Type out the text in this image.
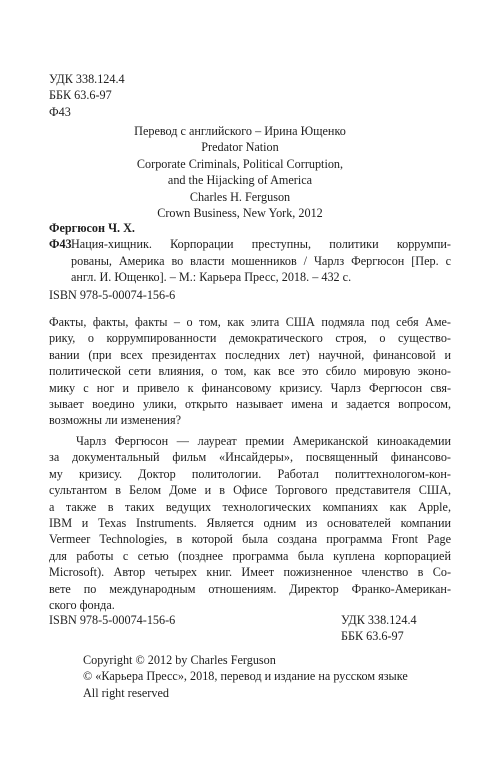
УДК 338.124.4
ББК 63.6-97
Ф43
Перевод с английского – Ирина Ющенко
Predator Nation
Corporate Criminals, Political Corruption,
and the Hijacking of America
Charles H. Ferguson
Crown Business, New York, 2012
Фергюсон Ч. Х.
Ф43 Нация-хищник. Корпорации преступны, политики коррумпи-
рованы, Америка во власти мошенников / Чарлз Фергюсон [Пер. с
англ. И. Ющенко]. – М.: Карьера Пресс, 2018. – 432 с.
ISBN 978-5-00074-156-6
Факты, факты, факты – о том, как элита США подмяла под себя Аме-
рику, о коррумпированности демократического строя, о существо-
вании (при всех президентах последних лет) научной, финансовой и
политической сети влияния, о том, как все это сбило мировую эконо-
мику с ног и привело к финансовому кризису. Чарлз Фергюсон свя-
зывает воедино улики, открыто называет имена и задается вопросом,
возможны ли изменения?
Чарлз Фергюсон — лауреат премии Американской киноакадемии
за документальный фильм «Инсайдеры», посвященный финансово-
му кризису. Доктор политологии. Работал политтехнологом-кон-
сультантом в Белом Доме и в Офисе Торгового представителя США,
а также в таких ведущих технологических компаниях как Apple,
IBM и Texas Instruments. Является одним из основателей компании
Vermeer Technologies, в которой была создана программа Front Page
для работы с сетью (позднее программа была куплена корпорацией
Microsoft). Автор четырех книг. Имеет пожизненное членство в Со-
вете по международным отношениям. Директор Франко-Американ-
ского фонда.
ISBN 978-5-00074-156-6	УДК 338.124.4
ББК 63.6-97
Copyright © 2012 by Charles Ferguson
© «Карьера Пресс», 2018, перевод и издание на русском языке
All right reserved
